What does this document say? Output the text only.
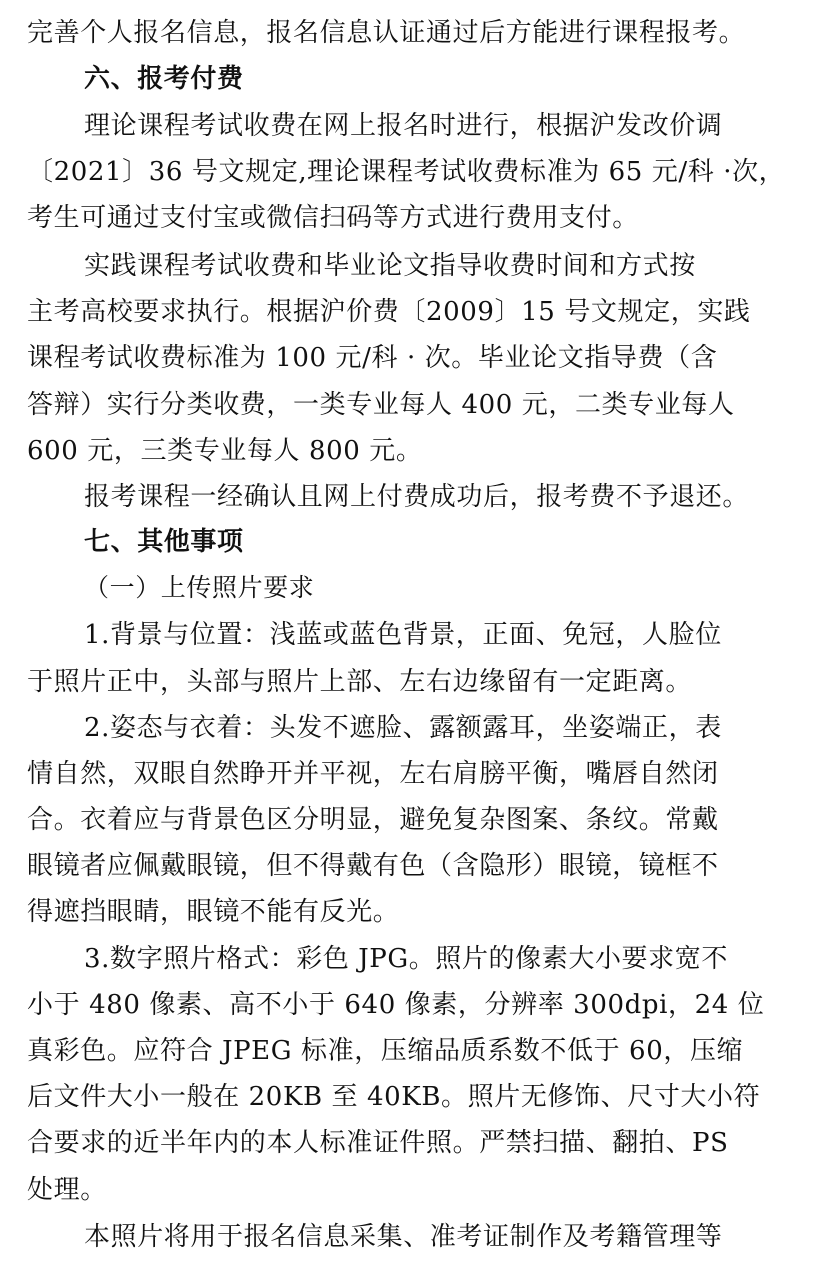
完善个人报名信息，报名信息认证通过后方能进行课程报考。
六、报考付费
理论课程考试收费在网上报名时进行，根据沪发改价调
〔2021〕36 号文规定,理论课程考试收费标准为 65 元/科 ·次，
考生可通过支付宝或微信扫码等方式进行费用支付。
实践课程考试收费和毕业论文指导收费时间和方式按
主考高校要求执行。根据沪价费〔2009〕15 号文规定，实践
课程考试收费标准为 100 元/科 · 次。毕业论文指导费（含
答辩）实行分类收费，一类专业每人 400 元，二类专业每人
600 元，三类专业每人 800 元。
报考课程一经确认且网上付费成功后，报考费不予退还。
七、其他事项
（一）上传照片要求
1.背景与位置：浅蓝或蓝色背景，正面、免冠，人脸位
于照片正中，头部与照片上部、左右边缘留有一定距离。
2.姿态与衣着：头发不遮脸、露额露耳，坐姿端正，表
情自然，双眼自然睁开并平视，左右肩膀平衡，嘴唇自然闭
合。衣着应与背景色区分明显，避免复杂图案、条纹。常戴
眼镜者应佩戴眼镜，但不得戴有色（含隐形）眼镜，镜框不
得遮挡眼睛，眼镜不能有反光。
3.数字照片格式：彩色 JPG。照片的像素大小要求宽不
小于 480 像素、高不小于 640 像素，分辨率 300dpi，24 位
真彩色。应符合 JPEG 标准，压缩品质系数不低于 60，压缩
后文件大小一般在 20KB 至 40KB。照片无修饰、尺寸大小符
合要求的近半年内的本人标准证件照。严禁扫描、翻拍、PS
处理。
本照片将用于报名信息采集、准考证制作及考籍管理等
